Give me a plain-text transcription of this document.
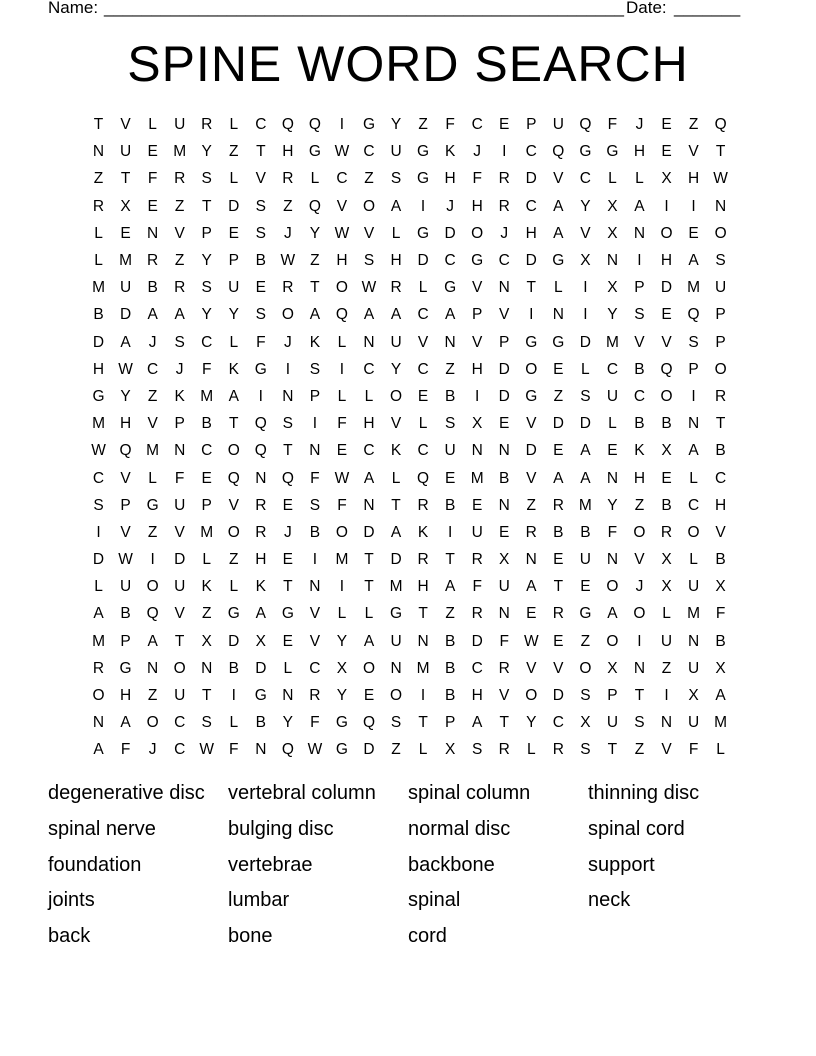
Name: _______________________________________________________ Date: _______
SPINE WORD SEARCH
T	V	L	U	R	L	C Q Q	I	G	Y	Z	F	C	E	P	U Q	F	J	E	Z	Q
N	U	E M Y	Z	T	H G W C	U G	K	J	I	C Q G G H	E	V	T
Z	T	F	R	S	L	V	R	L	C	Z	S	G H	F	R	D	V	C	L	L	X	H W
R	X	E	Z	T	D	S	Z	Q	V	O	A	I	J	H	R	C	A	Y	X	A	I	I	N
L	E	N	V	P	E	S	J	Y W V	L	G D O	J	H	A	V	X	N O	E	O
L	M R	Z	Y	P	B W Z	H	S	H	D	C G C	D G	X	N	I	H	A	S
M U	B	R	S	U	E	R	T	O W R	L	G	V	N	T	L	I	X	P	D M U
B	D	A	A	Y	Y	S	O	A	Q	A	A	C	A	P	V	I	N	I	Y	S	E	Q	P
D	A	J	S	C	L	F	J	K	L	N	U	V	N	V	P	G G D M V	V	S	P
H W C	J	F	K	G	I	S	I	C	Y	C	Z	H	D O	E	L	C	B	Q	P	O
G	Y	Z	K M A	I	N	P	L	L	O	E	B	I	D G	Z	S	U	C O	I	R
M H	V	P	B	T	Q	S	I	F	H	V	L	S	X	E	V	D	D	L	B	B	N	T
W Q M N	C O Q	T	N	E	C	K	C	U	N	N	D	E	A	E	K	X	A	B
C	V	L	F	E	Q N Q	F W A	L	Q	E M B	V	A	A	N	H	E	L	C
S	P	G U	P	V	R	E	S	F	N	T	R	B	E	N	Z	R M Y	Z	B	C	H
I	V	Z	V M O R	J	B	O D	A	K	I	U	E	R	B	B	F	O R O	V
D W	I	D	L	Z	H	E	I	M	T	D	R	T	R	X	N	E	U	N	V	X	L	B
L	U O U	K	L	K	T	N	I	T	M H	A	F	U	A	T	E	O	J	X	U	X
A	B	Q	V	Z	G	A	G	V	L	L	G	T	Z	R	N	E	R G	A	O	L	M	F
M P	A	T	X	D	X	E	V	Y	A	U	N	B	D	F W E	Z	O	I	U	N	B
R G N O N	B	D	L	C	X	O N M B	C	R	V	V	O	X	N	Z	U	X
O H	Z	U	T	I	G N	R	Y	E	O	I	B	H	V	O D	S	P	T	I	X	A
N	A	O C	S	L	B	Y	F	G Q	S	T	P	A	T	Y	C	X	U	S	N	U M
A	F	J	C W F	N Q W G D	Z	L	X	S	R	L	R	S	T	Z	V	F	L
degenerative disc	vertebral column	spinal column	thinning disc
spinal nerve	bulging disc	normal disc	spinal cord
foundation	vertebrae	backbone	support
joints	lumbar	spinal	neck
back	bone	cord
